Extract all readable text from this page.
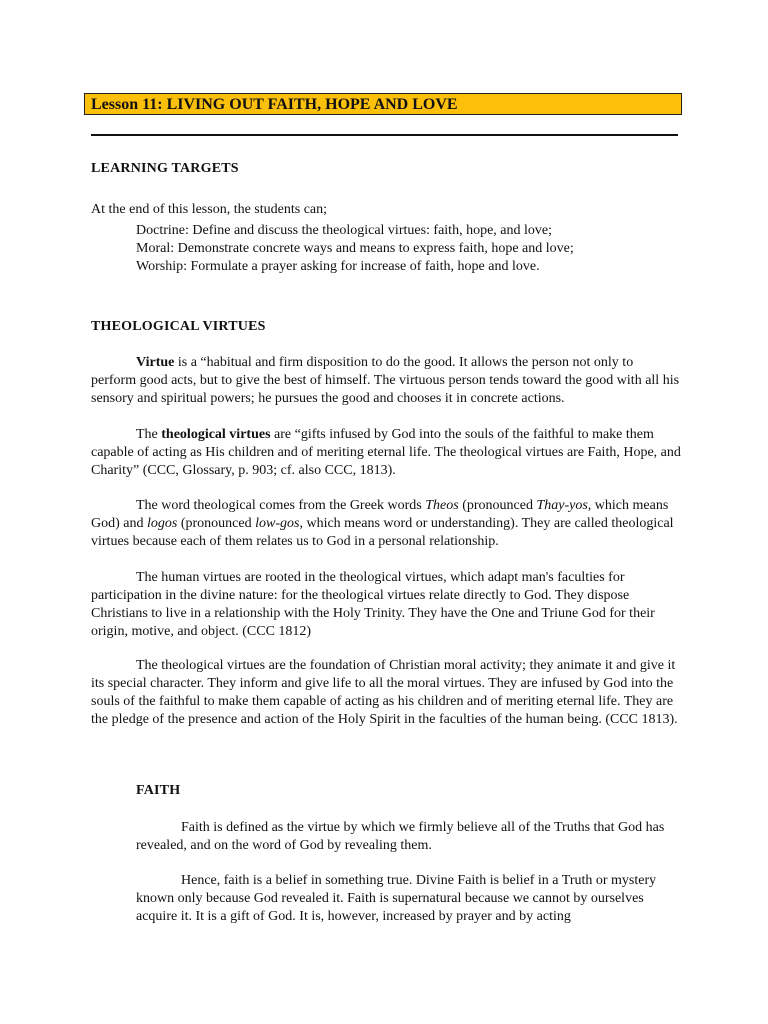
Lesson 11: LIVING OUT FAITH, HOPE AND LOVE
LEARNING TARGETS

At the end of this lesson, the students can;

Doctrine: Define and discuss the theological virtues: faith, hope, and love;

Moral: Demonstrate concrete ways and means to express faith, hope and love;

Worship: Formulate a prayer asking for increase of faith, hope and love.

THEOLOGICAL VIRTUES

Virtue is a “habitual and firm disposition to do the good. It allows the person not only to perform good acts, but to give the best of himself. The virtuous person tends toward the good with all his sensory and spiritual powers; he pursues the good and chooses it in concrete actions.

The theological virtues are “gifts infused by God into the souls of the faithful to make them capable of acting as His children and of meriting eternal life. The theological virtues are Faith, Hope, and Charity” (CCC, Glossary, p. 903; cf. also CCC, 1813).

The word theological comes from the Greek words Theos (pronounced Thay-yos, which means God) and logos (pronounced low-gos, which means word or understanding). They are called theological virtues because each of them relates us to God in a personal relationship.

The human virtues are rooted in the theological virtues, which adapt man's faculties for participation in the divine nature: for the theological virtues relate directly to God. They dispose Christians to live in a relationship with the Holy Trinity. They have the One and Triune God for their origin, motive, and object. (CCC 1812)

The theological virtues are the foundation of Christian moral activity; they animate it and give it its special character. They inform and give life to all the moral virtues. They are infused by God into the souls of the faithful to make them capable of acting as his children and of meriting eternal life. They are the pledge of the presence and action of the Holy Spirit in the faculties of the human being. (CCC 1813).

FAITH

Faith is defined as the virtue by which we firmly believe all of the Truths that God has revealed, and on the word of God by revealing them.

Hence, faith is a belief in something true. Divine Faith is belief in a Truth or mystery known only because God revealed it. Faith is supernatural because we cannot by ourselves acquire it. It is a gift of God. It is, however, increased by prayer and by acting
